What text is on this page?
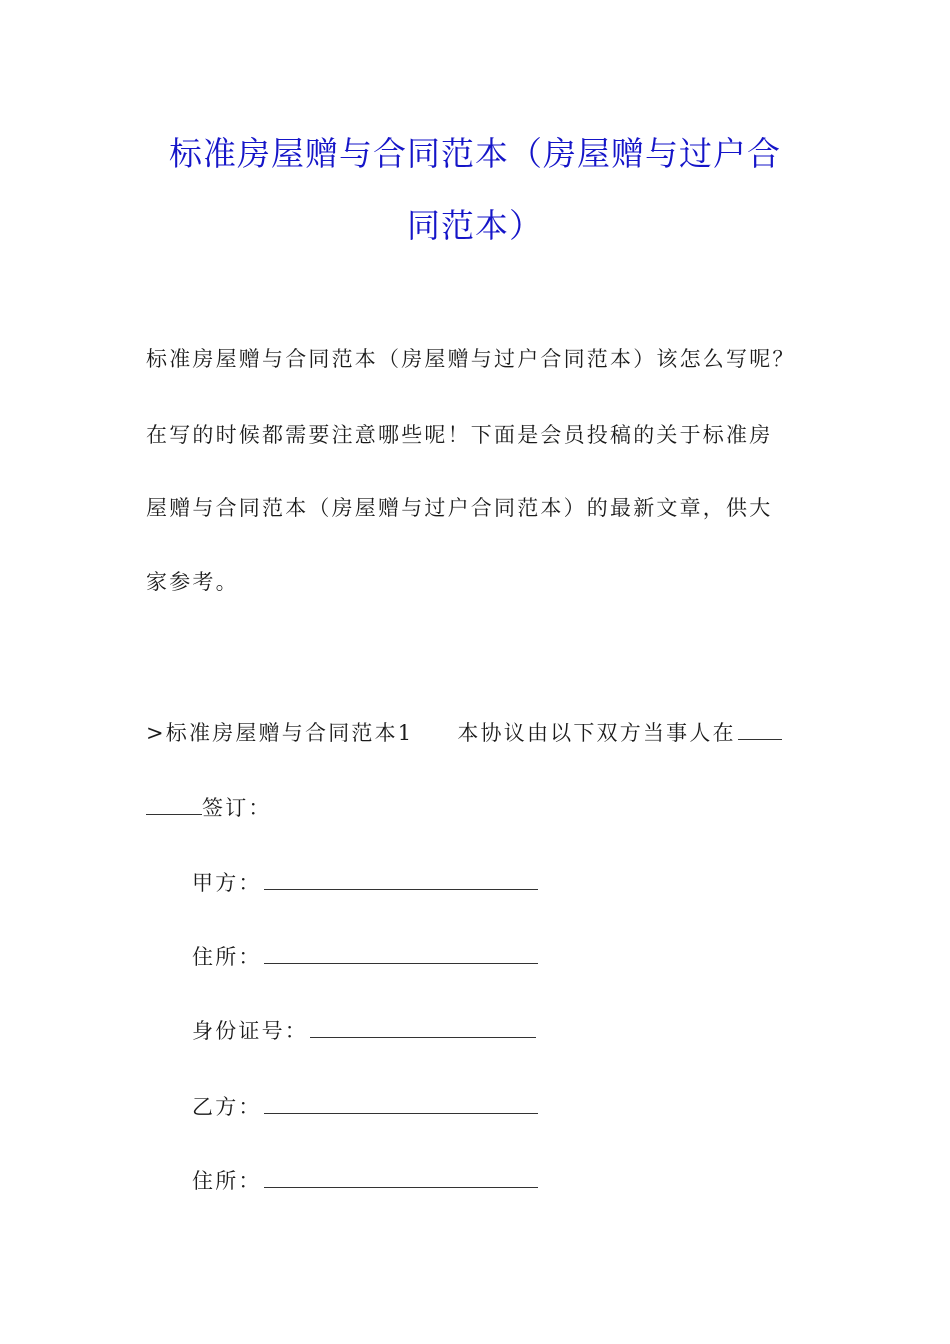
标准房屋赠与合同范本（房屋赠与过户合
同范本）
标准房屋赠与合同范本（房屋赠与过户合同范本）该怎么写呢？
在写的时候都需要注意哪些呢！下面是会员投稿的关于标准房
屋赠与合同范本（房屋赠与过户合同范本）的最新文章，供大
家参考。
>标准房屋赠与合同范本1 本协议由以下双方当事人在
签订：
甲方：
住所：
身份证号：
乙方：
住所：
